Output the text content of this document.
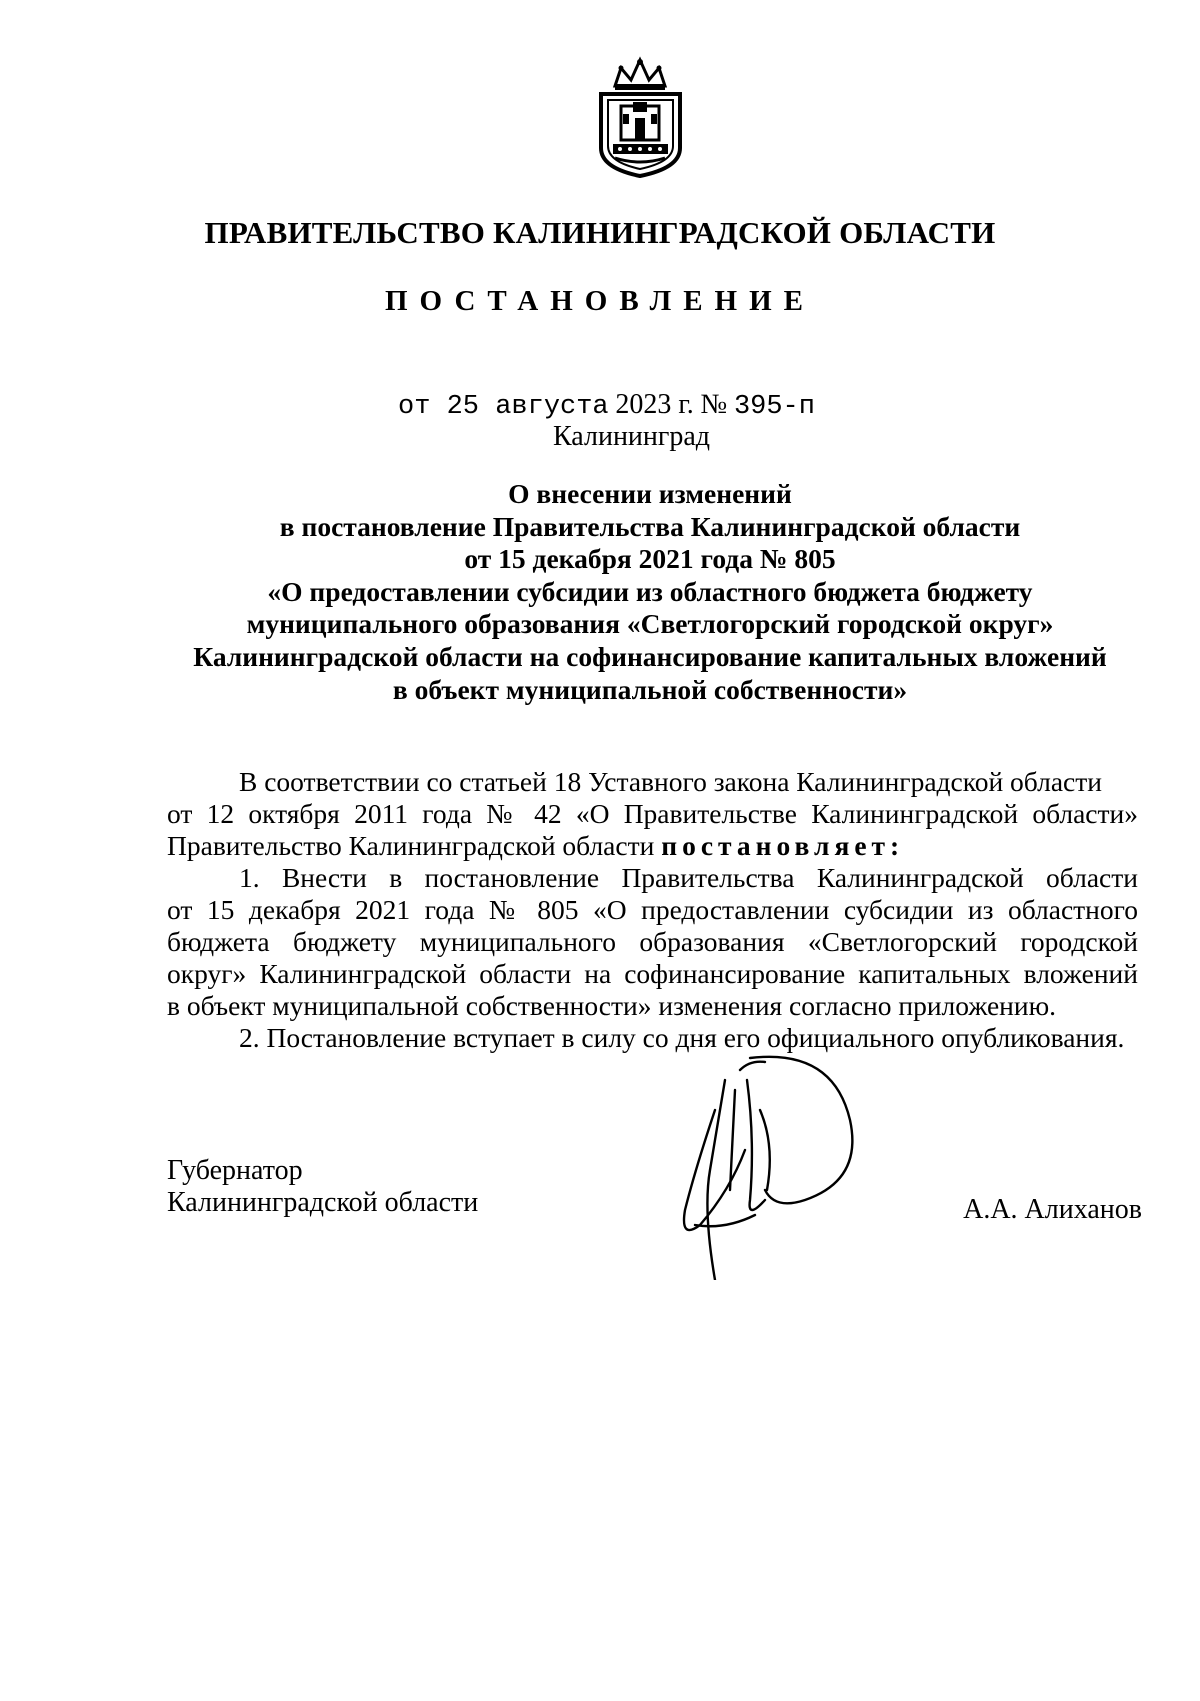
ПРАВИТЕЛЬСТВО КАЛИНИНГРАДСКОЙ ОБЛАСТИ
ПОСТАНОВЛЕНИЕ
от 25 августа 2023 г. № 395-п
Калининград
О внесении изменений
в постановление Правительства Калининградской области
от 15 декабря 2021 года № 805
«О предоставлении субсидии из областного бюджета бюджету
муниципального образования «Светлогорский городской округ»
Калининградской области на софинансирование капитальных вложений
в объект муниципальной собственности»
В соответствии со статьей 18 Уставного закона Калининградской области
от 12 октября 2011 года № 42 «О Правительстве Калининградской области»
Правительство Калининградской области постановляет:
1. Внести в постановление Правительства Калининградской области
от 15 декабря 2021 года № 805 «О предоставлении субсидии из областного
бюджета бюджету муниципального образования «Светлогорский городской
округ» Калининградской области на софинансирование капитальных вложений
в объект муниципальной собственности» изменения согласно приложению.
2. Постановление вступает в силу со дня его официального опубликования.
Губернатор
Калининградской области	А.А. Алиханов
